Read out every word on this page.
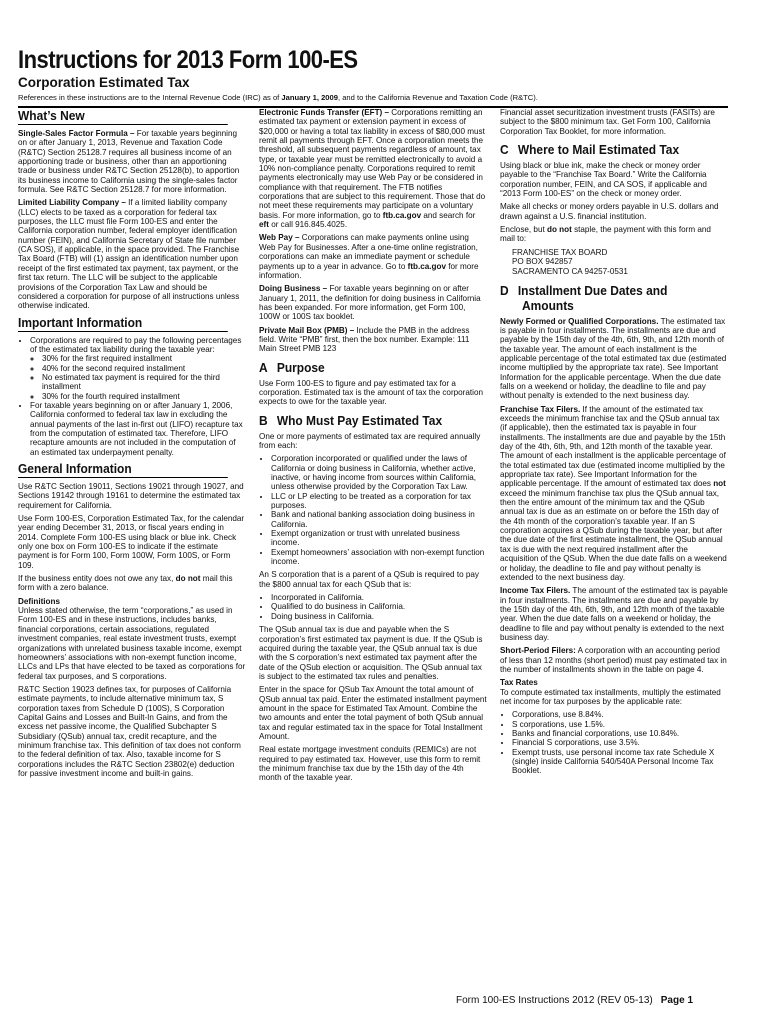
Instructions for 2013 Form 100-ES
Corporation Estimated Tax
References in these instructions are to the Internal Revenue Code (IRC) as of January 1, 2009, and to the California Revenue and Taxation Code (R&TC).
What’s New

Single-Sales Factor Formula – For taxable years beginning on or after January 1, 2013, Revenue and Taxation Code (R&TC) Section 25128.7 requires all business income of an apportioning trade or business, other than an apportioning trade or business under R&TC Section 25128(b), to apportion its business income to California using the single-sales factor formula. See R&TC Section 25128.7 for more information.

Limited Liability Company – If a limited liability company (LLC) elects to be taxed as a corporation for federal tax purposes, the LLC must file Form 100-ES and enter the California corporation number, federal employer identification number (FEIN), and California Secretary of State file number (CA SOS), if applicable, in the space provided. The Franchise Tax Board (FTB) will (1) assign an identification number upon receipt of the first estimated tax payment, tax payment, or the first tax return. The LLC will be subject to the applicable provisions of the Corporation Tax Law and should be considered a corporation for purpose of all instructions unless otherwise indicated.

Important Information
• Corporations are required to pay the following percentages of the estimated tax liability during the taxable year:
◦ 30% for the first required installment
◦ 40% for the second required installment
◦ No estimated tax payment is required for the third installment
◦ 30% for the fourth required installment
• For taxable years beginning on or after January 1, 2006, California conformed to federal tax law in excluding the annual payments of the last in-first out (LIFO) recapture tax from the computation of estimated tax. Therefore, LIFO recapture amounts are not included in the computation of an estimated tax underpayment penalty.
General Information

Use R&TC Section 19011, Sections 19021 through 19027, and Sections 19142 through 19161 to determine the estimated tax requirement for California.

Use Form 100-ES, Corporation Estimated Tax, for the calendar year ending December 31, 2013, or fiscal years ending in 2014. Complete Form 100-ES using black or blue ink. Check only one box on Form 100-ES to indicate if the estimate payment is for Form 100, Form 100W, Form 100S, or Form 109.

If the business entity does not owe any tax, do not mail this form with a zero balance.

Definitions

Unless stated otherwise, the term “corporations,” as used in Form 100-ES and in these instructions, includes banks, financial corporations, certain associations, regulated investment companies, real estate investment trusts, exempt organizations with unrelated business taxable income, exempt homeowners’ associations with non-exempt function income, LLCs and LPs that have elected to be taxed as corporations for federal tax purposes, and S corporations.

R&TC Section 19023 defines tax, for purposes of California estimate payments, to include alternative minimum tax, S corporation taxes from Schedule D (100S), S Corporation Capital Gains and Losses and Built-In Gains, and from the excess net passive income, the Qualified Subchapter S Subsidiary (QSub) annual tax, credit recapture, and the minimum franchise tax. This definition of tax does not conform to the federal definition of tax. Also, taxable income for S corporations includes the R&TC Section 23802(e) deduction for passive investment income and built-in gains.

Electronic Funds Transfer (EFT) – Corporations remitting an estimated tax payment or extension payment in excess of $20,000 or having a total tax liability in excess of $80,000 must remit all payments through EFT. Once a corporation meets the threshold, all subsequent payments regardless of amount, tax type, or taxable year must be remitted electronically to avoid a 10% non-compliance penalty. Corporations required to remit payments electronically may use Web Pay or be considered in compliance with that requirement. The FTB notifies corporations that are subject to this requirement. Those that do not meet these requirements may participate on a voluntary basis. For more information, go to ftb.ca.gov and search for eft or call 916.845.4025.

Web Pay – Corporations can make payments online using Web Pay for Businesses. After a one-time online registration, corporations can make an immediate payment or schedule payments up to a year in advance. Go to ftb.ca.gov for more information.

Doing Business – For taxable years beginning on or after January 1, 2011, the definition for doing business in California has been expanded. For more information, get Form 100, 100W or 100S tax booklet.

Private Mail Box (PMB) – Include the PMB in the address field. Write “PMB” first, then the box number. Example: 111 Main Street PMB 123

A Purpose

Use Form 100-ES to figure and pay estimated tax for a corporation. Estimated tax is the amount of tax the corporation expects to owe for the taxable year.

B Who Must Pay Estimated Tax

One or more payments of estimated tax are required annually from each:

• Corporation incorporated or qualified under the laws of California or doing business in California, whether active, inactive, or having income from sources within California, unless otherwise provided by the Corporation Tax Law.
• LLC or LP electing to be treated as a corporation for tax purposes.
• Bank and national banking association doing business in California.
• Exempt organization or trust with unrelated business income.
• Exempt homeowners’ association with non-exempt function income.

An S corporation that is a parent of a QSub is required to pay the $800 annual tax for each QSub that is:

• Incorporated in California.
• Qualified to do business in California.
• Doing business in California.

The QSub annual tax is due and payable when the S corporation’s first estimated tax payment is due. If the QSub is acquired during the taxable year, the QSub annual tax is due with the S corporation’s next estimated tax payment after the date of the QSub election or acquisition. The QSub annual tax is subject to the estimated tax rules and penalties.

Enter in the space for QSub Tax Amount the total amount of QSub annual tax paid. Enter the estimated installment payment amount in the space for Estimated Tax Amount. Combine the two amounts and enter the total payment of both QSub annual tax and regular estimated tax in the space for Total Installment Amount.

Real estate mortgage investment conduits (REMICs) are not required to pay estimated tax. However, use this form to remit the minimum franchise tax due by the 15th day of the 4th month of the taxable year.

Financial asset securitization investment trusts (FASITs) are subject to the $800 minimum tax. Get Form 100, California Corporation Tax Booklet, for more information.

C Where to Mail Estimated Tax

Using black or blue ink, make the check or money order payable to the “Franchise Tax Board.” Write the California corporation number, FEIN, and CA SOS, if applicable and “2013 Form 100-ES” on the check or money order.

Make all checks or money orders payable in U.S. dollars and drawn against a U.S. financial institution.

Enclose, but do not staple, the payment with this form and mail to:

FRANCHISE TAX BOARD
PO BOX 942857
SACRAMENTO CA 94257-0531
D Installment Due Dates and
Amounts

Newly Formed or Qualified Corporations. The estimated tax is payable in four installments. The installments are due and payable by the 15th day of the 4th, 6th, 9th, and 12th month of the taxable year. The amount of each installment is the applicable percentage of the total estimated tax due (estimated income multiplied by the appropriate tax rate). See Important Information for the applicable percentage. When the due date falls on a weekend or holiday, the deadline to file and pay without penalty is extended to the next business day.

Franchise Tax Filers. If the amount of the estimated tax exceeds the minimum franchise tax and the QSub annual tax (if applicable), then the estimated tax is payable in four installments. The installments are due and payable by the 15th day of the 4th, 6th, 9th, and 12th month of the taxable year. The amount of each installment is the applicable percentage of the total estimated tax due (estimated income multiplied by the appropriate tax rate). See Important Information for the applicable percentage. If the amount of estimated tax does not exceed the minimum franchise tax plus the QSub annual tax, then the entire amount of the minimum tax and the QSub annual tax is due as an estimate on or before the 15th day of the 4th month of the corporation’s taxable year. If an S corporation acquires a QSub during the taxable year, but after the due date of the first estimate installment, the QSub annual tax is due with the next required installment after the acquisition of the QSub. When the due date falls on a weekend or holiday, the deadline to file and pay without penalty is extended to the next business day.

Income Tax Filers. The amount of the estimated tax is payable in four installments. The installments are due and payable by the 15th day of the 4th, 6th, 9th, and 12th month of the taxable year. When the due date falls on a weekend or holiday, the deadline to file and pay without penalty is extended to the next business day.

Short-Period Filers: A corporation with an accounting period of less than 12 months (short period) must pay estimated tax in the number of installments shown in the table on page 4.

Tax Rates

To compute estimated tax installments, multiply the estimated net income for tax purposes by the applicable rate:

• Corporations, use 8.84%.
• S corporations, use 1.5%.
• Banks and financial corporations, use 10.84%.
• Financial S corporations, use 3.5%.
• Exempt trusts, use personal income tax rate Schedule X (single) inside California 540/540A Personal Income Tax Booklet.
Form 100-ES Instructions 2012 (REV 05-13) Page 1
